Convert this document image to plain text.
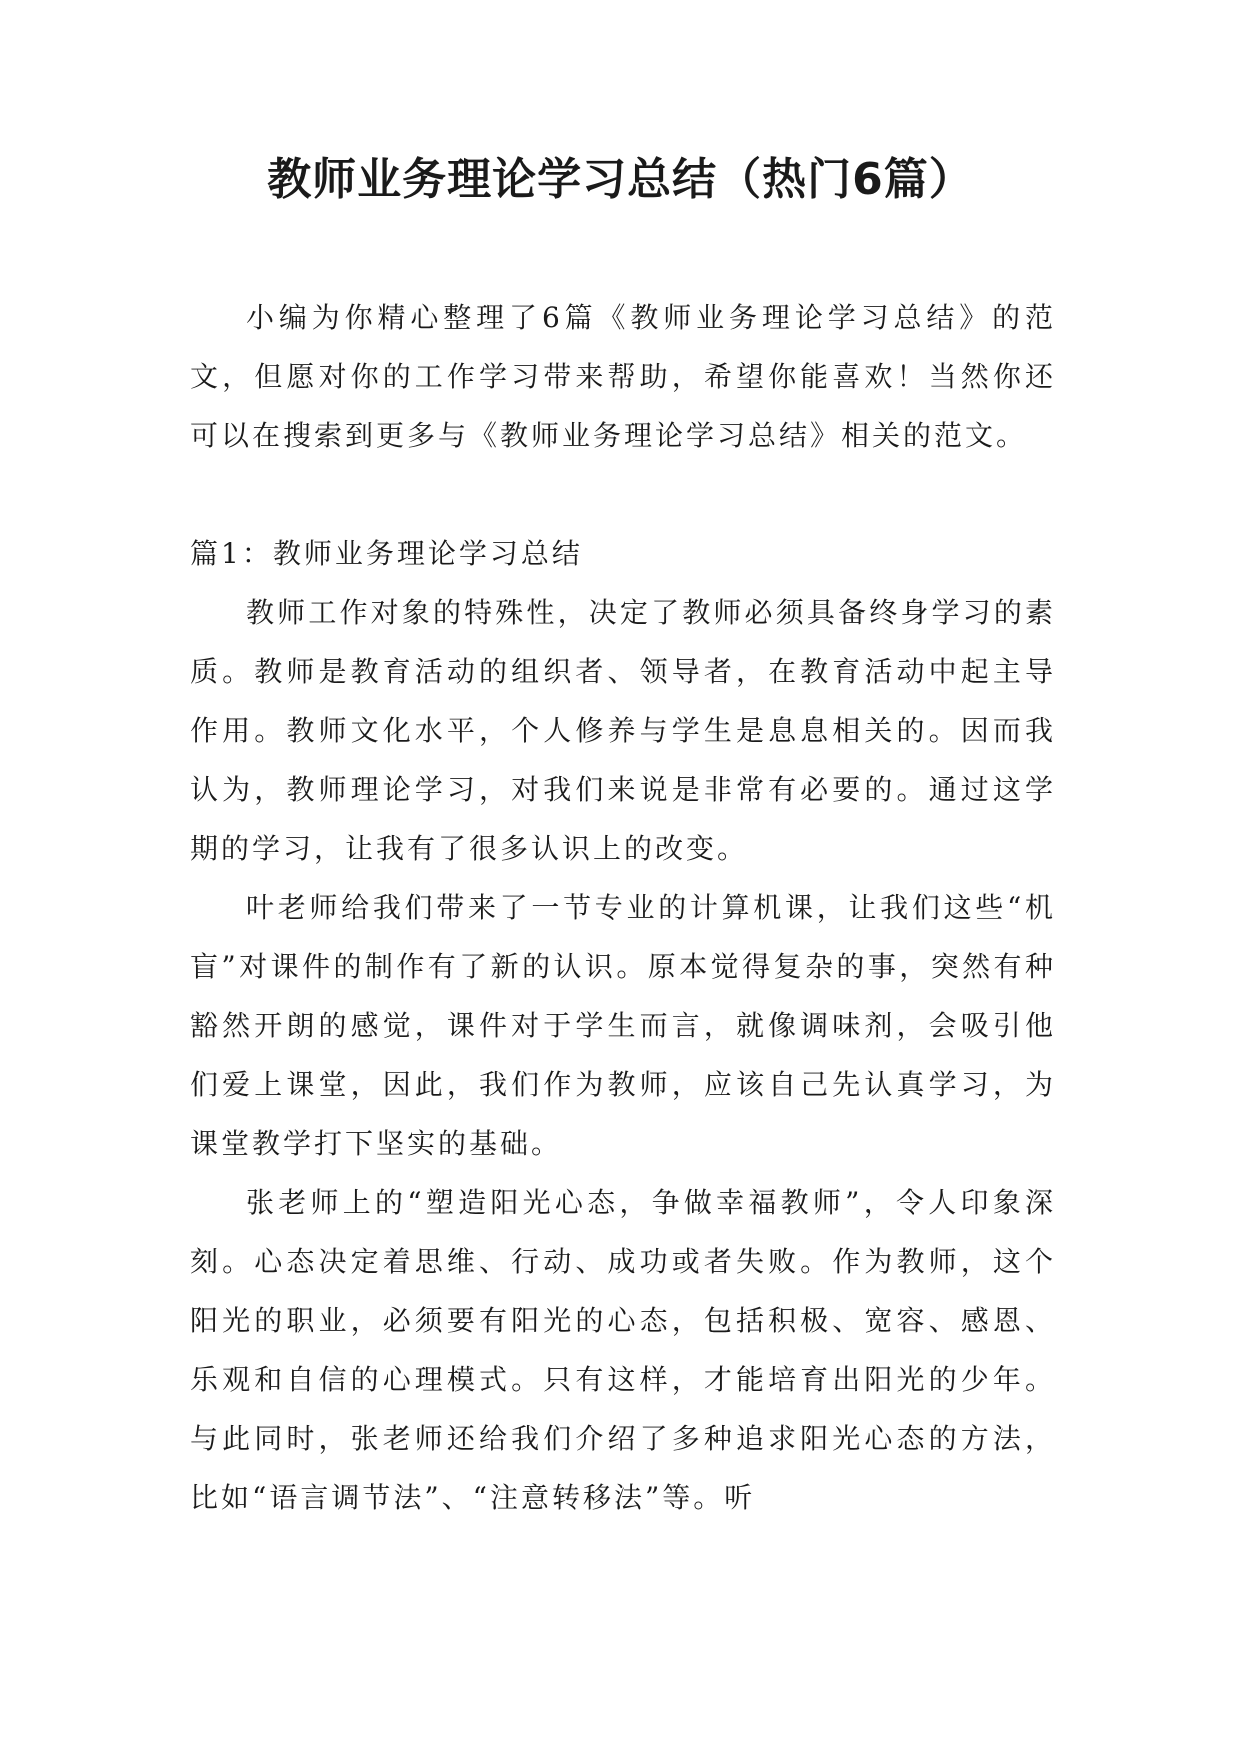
教师业务理论学习总结（热门6篇）

小编为你精心整理了6篇《教师业务理论学习总结》的范文，但愿对你的工作学习带来帮助，希望你能喜欢！当然你还可以在搜索到更多与《教师业务理论学习总结》相关的范文。

篇1：教师业务理论学习总结

教师工作对象的特殊性，决定了教师必须具备终身学习的素质。教师是教育活动的组织者、领导者，在教育活动中起主导作用。教师文化水平，个人修养与学生是息息相关的。因而我认为，教师理论学习，对我们来说是非常有必要的。通过这学期的学习，让我有了很多认识上的改变。

叶老师给我们带来了一节专业的计算机课，让我们这些“机盲”对课件的制作有了新的认识。原本觉得复杂的事，突然有种豁然开朗的感觉，课件对于学生而言，就像调味剂，会吸引他们爱上课堂，因此，我们作为教师，应该自己先认真学习，为课堂教学打下坚实的基础。

张老师上的“塑造阳光心态，争做幸福教师”，令人印象深刻。心态决定着思维、行动、成功或者失败。作为教师，这个阳光的职业，必须要有阳光的心态，包括积极、宽容、感恩、乐观和自信的心理模式。只有这样，才能培育出阳光的少年。与此同时，张老师还给我们介绍了多种追求阳光心态的方法，比如“语言调节法”、“注意转移法”等。听
